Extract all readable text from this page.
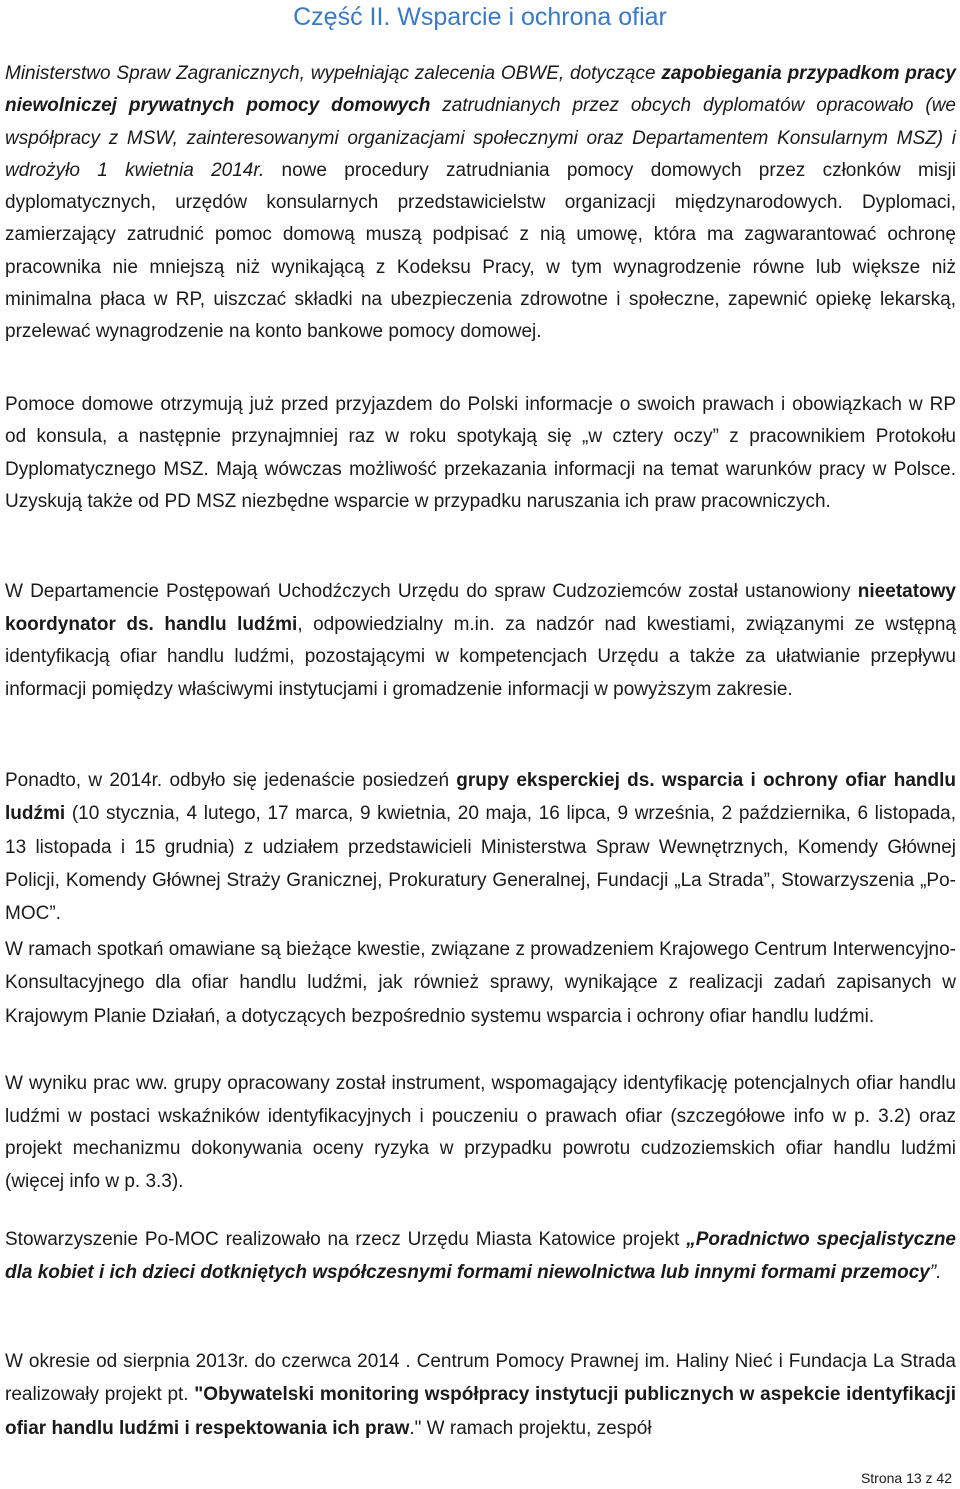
Część II. Wsparcie i ochrona ofiar

Ministerstwo Spraw Zagranicznych, wypełniając zalecenia OBWE, dotyczące zapobiegania przypadkom pracy niewolniczej prywatnych pomocy domowych zatrudnianych przez obcych dyplomatów opracowało (we współpracy z MSW, zainteresowanymi organizacjami społecznymi oraz Departamentem Konsularnym MSZ) i wdrożyło 1 kwietnia 2014r. nowe procedury zatrudniania pomocy domowych przez członków misji dyplomatycznych, urzędów konsularnych przedstawicielstw organizacji międzynarodowych. Dyplomaci, zamierzający zatrudnić pomoc domową muszą podpisać z nią umowę, która ma zagwarantować ochronę pracownika nie mniejszą niż wynikającą z Kodeksu Pracy, w tym wynagrodzenie równe lub większe niż minimalna płaca w RP, uiszczać składki na ubezpieczenia zdrowotne i społeczne, zapewnić opiekę lekarską, przelewać wynagrodzenie na konto bankowe pomocy domowej.

Pomoce domowe otrzymują już przed przyjazdem do Polski informacje o swoich prawach i obowiązkach w RP od konsula, a następnie przynajmniej raz w roku spotykają się „w cztery oczy” z pracownikiem Protokołu Dyplomatycznego MSZ. Mają wówczas możliwość przekazania informacji na temat warunków pracy w Polsce. Uzyskują także od PD MSZ niezbędne wsparcie w przypadku naruszania ich praw pracowniczych.

W Departamencie Postępowań Uchodźczych Urzędu do spraw Cudzoziemców został ustanowiony nieetatowy koordynator ds. handlu ludźmi, odpowiedzialny m.in. za nadzór nad kwestiami, związanymi ze wstępną identyfikacją ofiar handlu ludźmi, pozostającymi w kompetencjach Urzędu a także za ułatwianie przepływu informacji pomiędzy właściwymi instytucjami i gromadzenie informacji w powyższym zakresie.

Ponadto, w 2014r. odbyło się jedenaście posiedzeń grupy eksperckiej ds. wsparcia i ochrony ofiar handlu ludźmi (10 stycznia, 4 lutego, 17 marca, 9 kwietnia, 20 maja, 16 lipca, 9 września, 2 października, 6 listopada, 13 listopada i 15 grudnia) z udziałem przedstawicieli Ministerstwa Spraw Wewnętrznych, Komendy Głównej Policji, Komendy Głównej Straży Granicznej, Prokuratury Generalnej, Fundacji „La Strada”, Stowarzyszenia „Po-MOC”.

W ramach spotkań omawiane są bieżące kwestie, związane z prowadzeniem Krajowego Centrum Interwencyjno-Konsultacyjnego dla ofiar handlu ludźmi, jak również sprawy, wynikające z realizacji zadań zapisanych w Krajowym Planie Działań, a dotyczących bezpośrednio systemu wsparcia i ochrony ofiar handlu ludźmi.

W wyniku prac ww. grupy opracowany został instrument, wspomagający identyfikację potencjalnych ofiar handlu ludźmi w postaci wskaźników identyfikacyjnych i pouczeniu o prawach ofiar (szczegółowe info w p. 3.2) oraz projekt mechanizmu dokonywania oceny ryzyka w przypadku powrotu cudzoziemskich ofiar handlu ludźmi (więcej info w p. 3.3).

Stowarzyszenie Po-MOC realizowało na rzecz Urzędu Miasta Katowice projekt „Poradnictwo specjalistyczne dla kobiet i ich dzieci dotkniętych współczesnymi formami niewolnictwa lub innymi formami przemocy”.

W okresie od sierpnia 2013r. do czerwca 2014 . Centrum Pomocy Prawnej im. Haliny Nieć i Fundacja La Strada realizowały projekt pt. "Obywatelski monitoring współpracy instytucji publicznych w aspekcie identyfikacji ofiar handlu ludźmi i respektowania ich praw." W ramach projektu, zespół

Strona 13 z 42
